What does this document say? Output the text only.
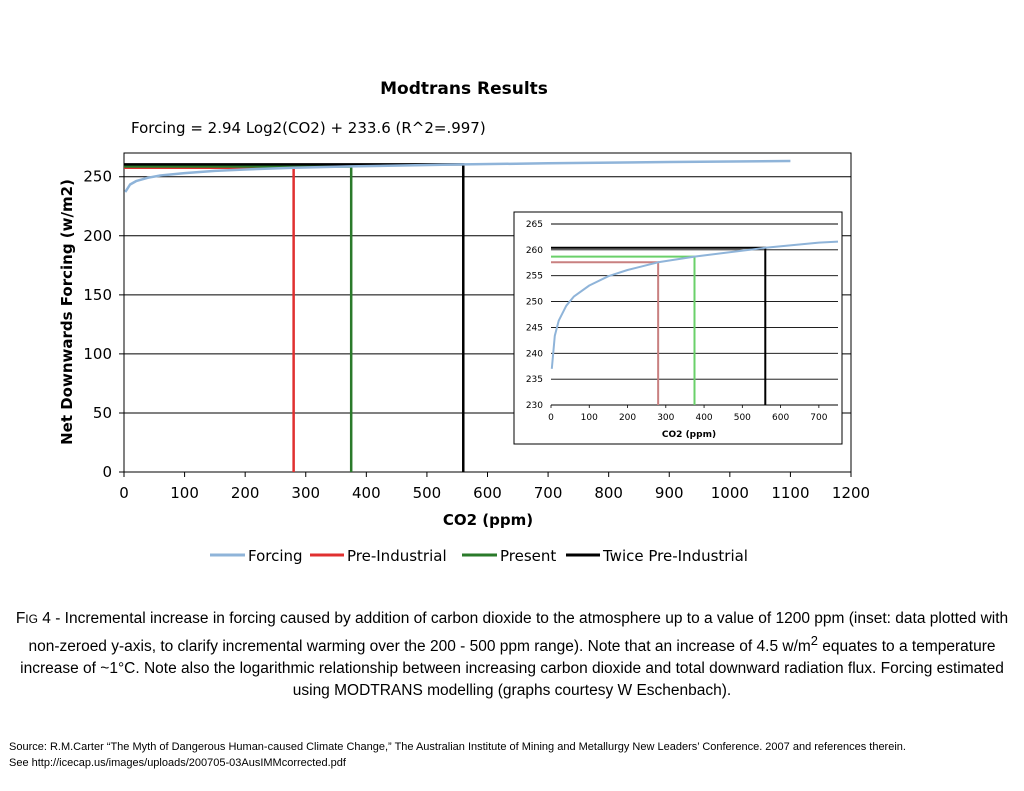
Modtrans Results
Forcing = 2.94 Log2(CO2) + 233.6 (R^2=.997)
0
50
100
150
200
250
0	100 200 300 400 500 600 700 800 900 1000 1100 1200
CO2 (ppm)
Net Downwards Forcing (w/m2)	230
235
240
245
250
255
260
265
0	100 200 300 400 500 600 700
CO2 (ppm)
Forcing	Pre-Industrial	Present	Twice Pre-Industrial
FIG 4 - Incremental increase in forcing caused by addition of carbon dioxide to the atmosphere up to a value of 1200 ppm (inset: data plotted with non-zeroed y-axis, to clarify incremental warming over the 200 - 500 ppm range). Note that an increase of 4.5 $w/m^2$ equates to a temperature increase of ~1°C. Note also the logarithmic relationship between increasing carbon dioxide and total downward radiation flux. Forcing estimated using MODTRANS modelling (graphs courtesy W Eschenbach).
Source: R.M.Carter “The Myth of Dangerous Human-caused Climate Change,” The Australian Institute of Mining and Metallurgy New Leaders’ Conference. 2007 and references therein.
See http://icecap.us/images/uploads/200705-03AusIMMcorrected.pdf
